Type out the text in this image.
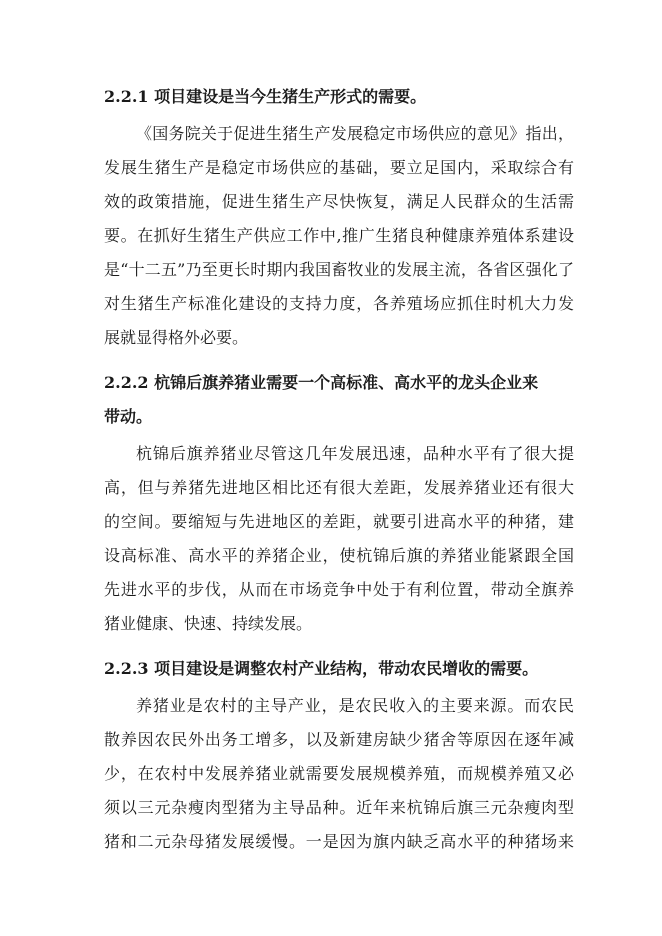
2.2.1 项目建设是当今生猪生产形式的需要。

《国务院关于促进生猪生产发展稳定市场供应的意见》指出，

发展生猪生产是稳定市场供应的基础，要立足国内，采取综合有

效的政策措施，促进生猪生产尽快恢复，满足人民群众的生活需

要。在抓好生猪生产供应工作中,推广生猪良种健康养殖体系建设

是“十二五”乃至更长时期内我国畜牧业的发展主流，各省区强化了

对生猪生产标准化建设的支持力度，各养殖场应抓住时机大力发

展就显得格外必要。

2.2.2 杭锦后旗养猪业需要一个高标准、高水平的龙头企业来

带动。

杭锦后旗养猪业尽管这几年发展迅速，品种水平有了很大提

高，但与养猪先进地区相比还有很大差距，发展养猪业还有很大

的空间。要缩短与先进地区的差距，就要引进高水平的种猪，建

设高标准、高水平的养猪企业，使杭锦后旗的养猪业能紧跟全国

先进水平的步伐，从而在市场竞争中处于有利位置，带动全旗养

猪业健康、快速、持续发展。

2.2.3 项目建设是调整农村产业结构，带动农民增收的需要。

养猪业是农村的主导产业，是农民收入的主要来源。而农民

散养因农民外出务工增多，以及新建房缺少猪舍等原因在逐年减

少，在农村中发展养猪业就需要发展规模养殖，而规模养殖又必

须以三元杂瘦肉型猪为主导品种。近年来杭锦后旗三元杂瘦肉型

猪和二元杂母猪发展缓慢。一是因为旗内缺乏高水平的种猪场来
